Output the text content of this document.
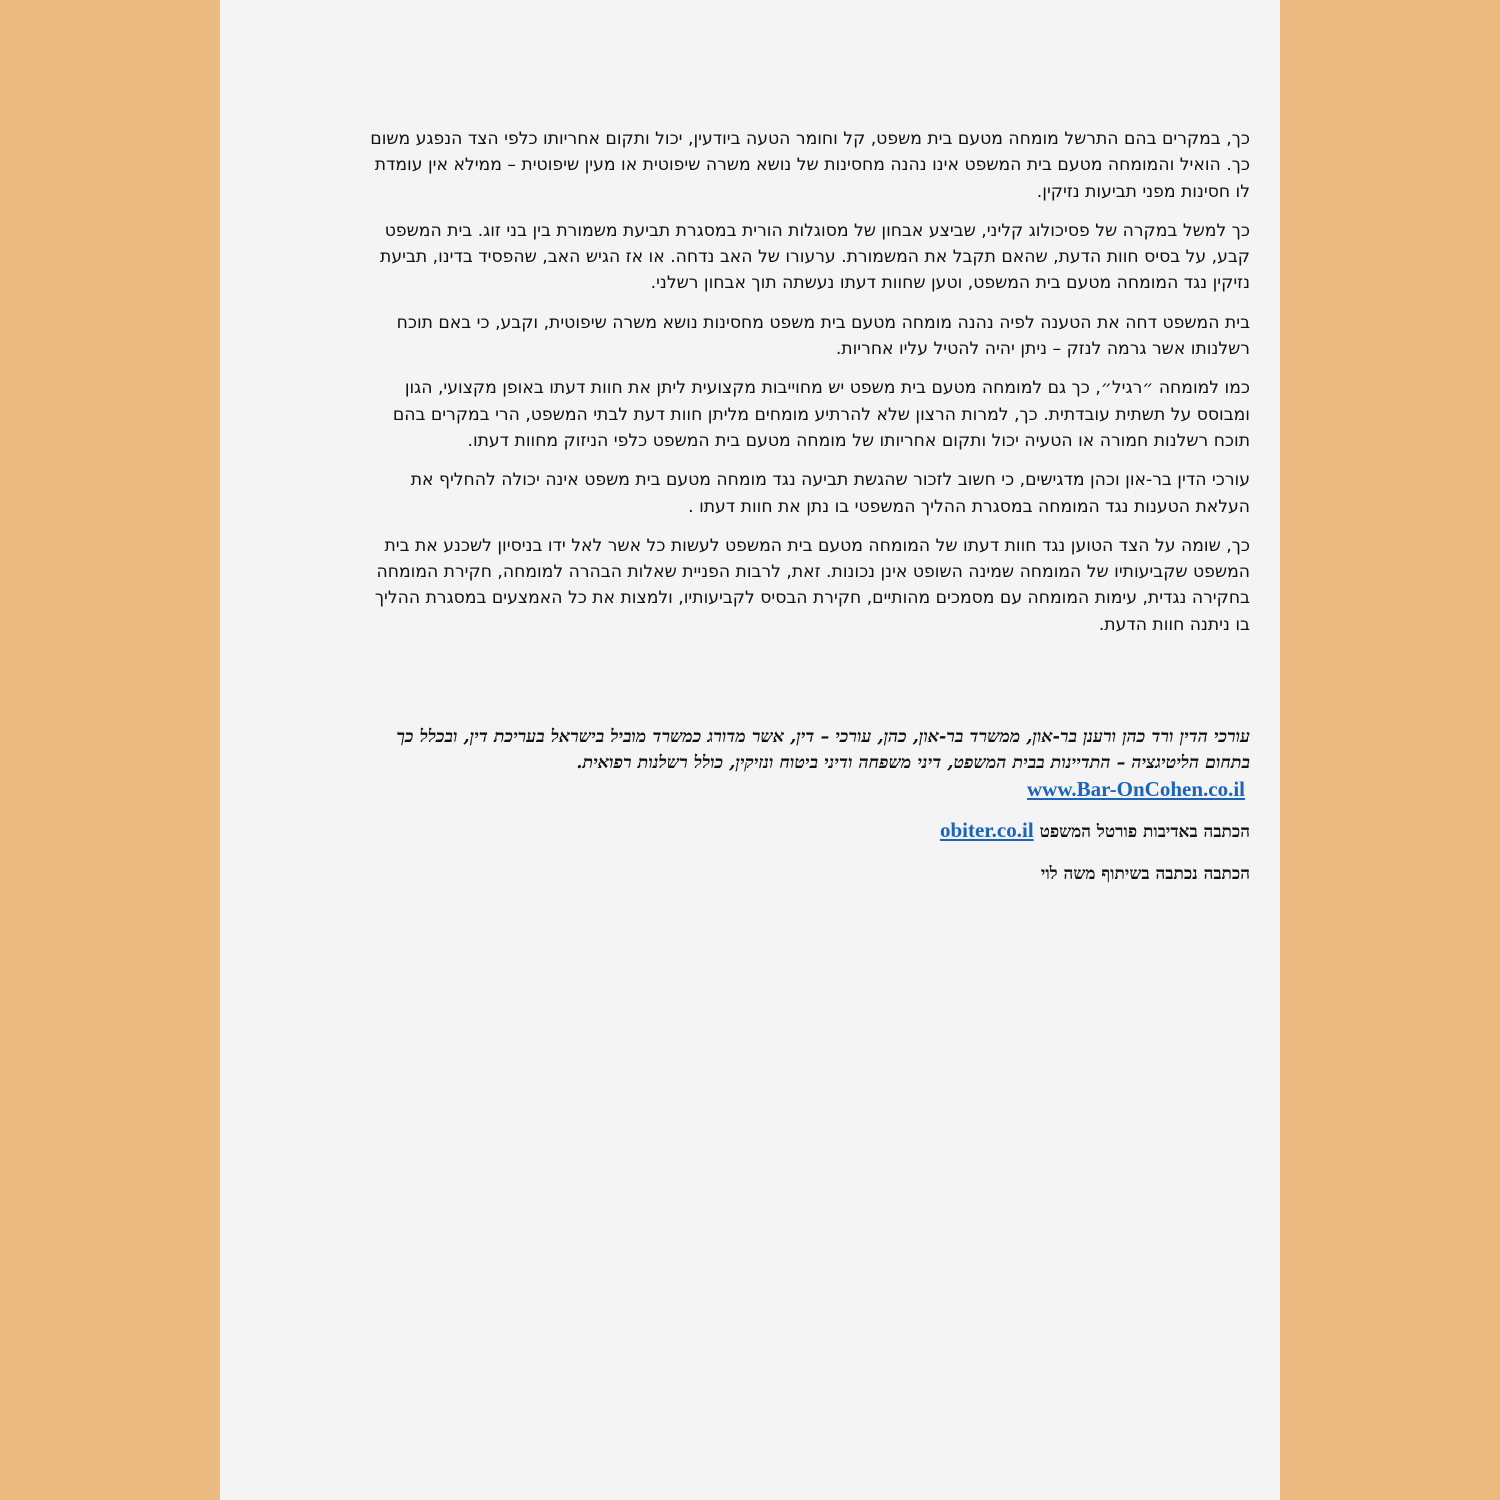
כך, במקרים בהם התרשל מומחה מטעם בית משפט, קל וחומר הטעה ביודעין, יכול ותקום אחריותו כלפי הצד הנפגע משום כך. הואיל והמומחה מטעם בית המשפט אינו נהנה מחסינות של נושא משרה שיפוטית או מעין שיפוטית – ממילא אין עומדת לו חסינות מפני תביעות נזיקין.

כך למשל במקרה של פסיכולוג קליני, שביצע אבחון של מסוגלות הורית במסגרת תביעת משמורת בין בני זוג. בית המשפט קבע, על בסיס חוות הדעת, שהאם תקבל את המשמורת. ערעורו של האב נדחה. או אז הגיש האב, שהפסיד בדינו, תביעת נזיקין נגד המומחה מטעם בית המשפט, וטען שחוות דעתו נעשתה תוך אבחון רשלני.

בית המשפט דחה את הטענה לפיה נהנה מומחה מטעם בית משפט מחסינות נושא משרה שיפוטית, וקבע, כי באם תוכח רשלנותו אשר גרמה לנזק – ניתן יהיה להטיל עליו אחריות.

כמו למומחה ״רגיל״, כך גם למומחה מטעם בית משפט יש מחוייבות מקצועית ליתן את חוות דעתו באופן מקצועי, הגון ומבוסס על תשתית עובדתית. כך, למרות הרצון שלא להרתיע מומחים מליתן חוות דעת לבתי המשפט, הרי במקרים בהם תוכח רשלנות חמורה או הטעיה יכול ותקום אחריותו של מומחה מטעם בית המשפט כלפי הניזוק מחוות דעתו.

עורכי הדין בר-און וכהן מדגישים, כי חשוב לזכור שהגשת תביעה נגד מומחה מטעם בית משפט אינה יכולה להחליף את העלאת הטענות נגד המומחה במסגרת ההליך המשפטי בו נתן את חוות דעתו .

כך, שומה על הצד הטוען נגד חוות דעתו של המומחה מטעם בית המשפט לעשות כל אשר לאל ידו בניסיון לשכנע את בית המשפט שקביעותיו של המומחה שמינה השופט אינן נכונות. זאת, לרבות הפניית שאלות הבהרה למומחה, חקירת המומחה בחקירה נגדית, עימות המומחה עם מסמכים מהותיים, חקירת הבסיס לקביעותיו, ולמצות את כל האמצעים במסגרת ההליך בו ניתנה חוות הדעת.

עורכי הדין ורד כהן ורענן בר-און, ממשרד בר-און, כהן, עורכי – דין, אשר מדורג כמשרד מוביל בישראל בעריכת דין, ובכלל כך בתחום הליטיגציה – התדיינות בבית המשפט, דיני משפחה ודיני ביטוח ונזיקין, כולל רשלנות רפואית.

www.Bar-OnCohen.co.il

הכתבה באדיבות פורטל המשפט obiter.co.il

הכתבה נכתבה בשיתוף משה לוי
